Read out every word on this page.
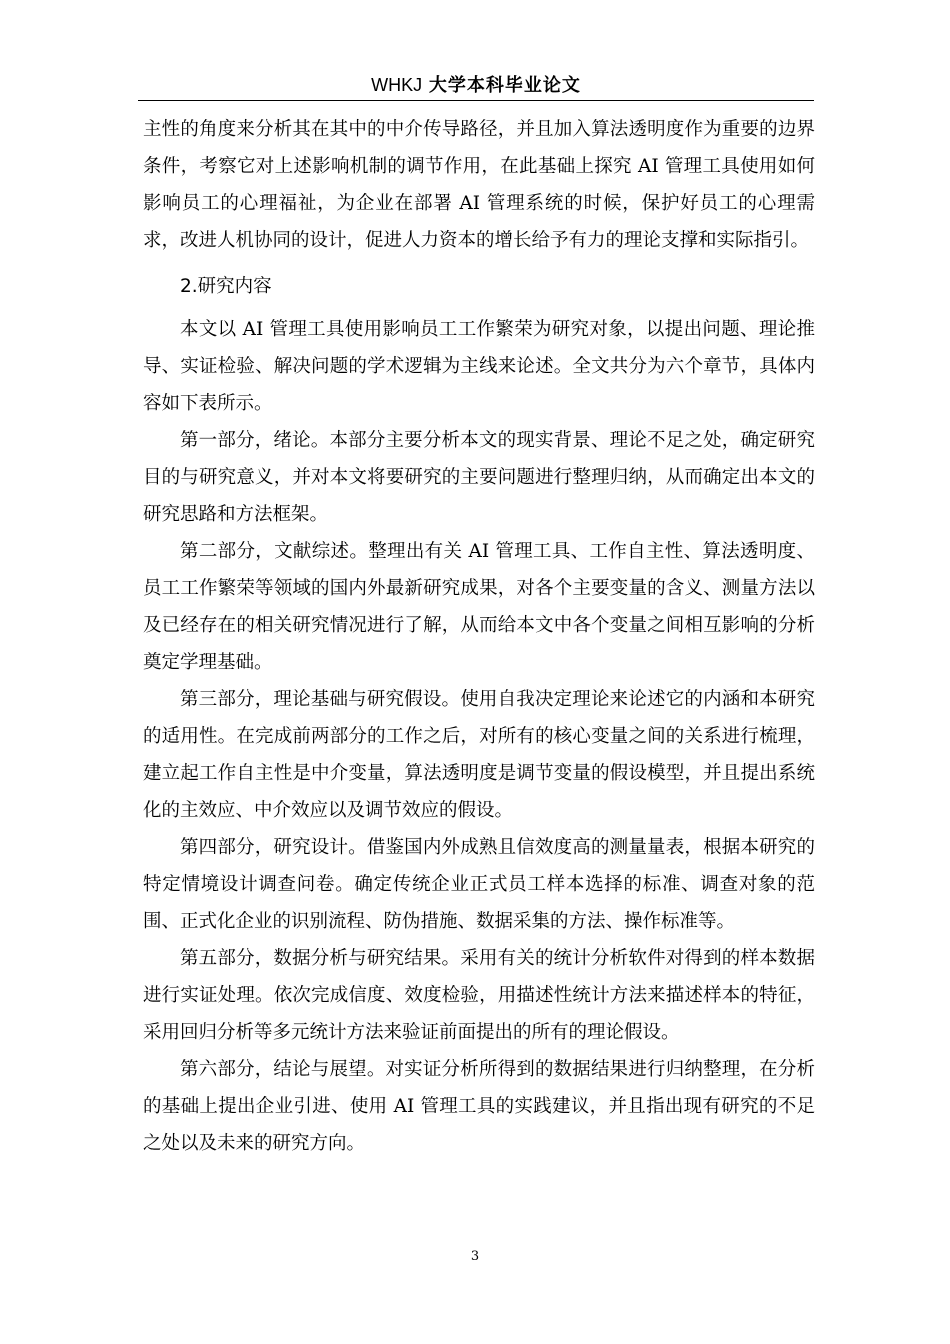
WHKJ 大学本科毕业论文

主性的角度来分析其在其中的中介传导路径，并且加入算法透明度作为重要的边界条件，考察它对上述影响机制的调节作用，在此基础上探究 AI 管理工具使用如何影响员工的心理福祉，为企业在部署 AI 管理系统的时候，保护好员工的心理需求，改进人机协同的设计，促进人力资本的增长给予有力的理论支撑和实际指引。

2.研究内容

本文以 AI 管理工具使用影响员工工作繁荣为研究对象，以提出问题、理论推导、实证检验、解决问题的学术逻辑为主线来论述。全文共分为六个章节，具体内容如下表所示。

第一部分，绪论。本部分主要分析本文的现实背景、理论不足之处，确定研究目的与研究意义，并对本文将要研究的主要问题进行整理归纳，从而确定出本文的研究思路和方法框架。

第二部分，文献综述。整理出有关 AI 管理工具、工作自主性、算法透明度、员工工作繁荣等领域的国内外最新研究成果，对各个主要变量的含义、测量方法以及已经存在的相关研究情况进行了解，从而给本文中各个变量之间相互影响的分析奠定学理基础。

第三部分，理论基础与研究假设。使用自我决定理论来论述它的内涵和本研究的适用性。在完成前两部分的工作之后，对所有的核心变量之间的关系进行梳理，建立起工作自主性是中介变量，算法透明度是调节变量的假设模型，并且提出系统化的主效应、中介效应以及调节效应的假设。

第四部分，研究设计。借鉴国内外成熟且信效度高的测量量表，根据本研究的特定情境设计调查问卷。确定传统企业正式员工样本选择的标准、调查对象的范围、正式化企业的识别流程、防伪措施、数据采集的方法、操作标准等。

第五部分，数据分析与研究结果。采用有关的统计分析软件对得到的样本数据进行实证处理。依次完成信度、效度检验，用描述性统计方法来描述样本的特征，采用回归分析等多元统计方法来验证前面提出的所有的理论假设。

第六部分，结论与展望。对实证分析所得到的数据结果进行归纳整理，在分析的基础上提出企业引进、使用 AI 管理工具的实践建议，并且指出现有研究的不足之处以及未来的研究方向。

3
